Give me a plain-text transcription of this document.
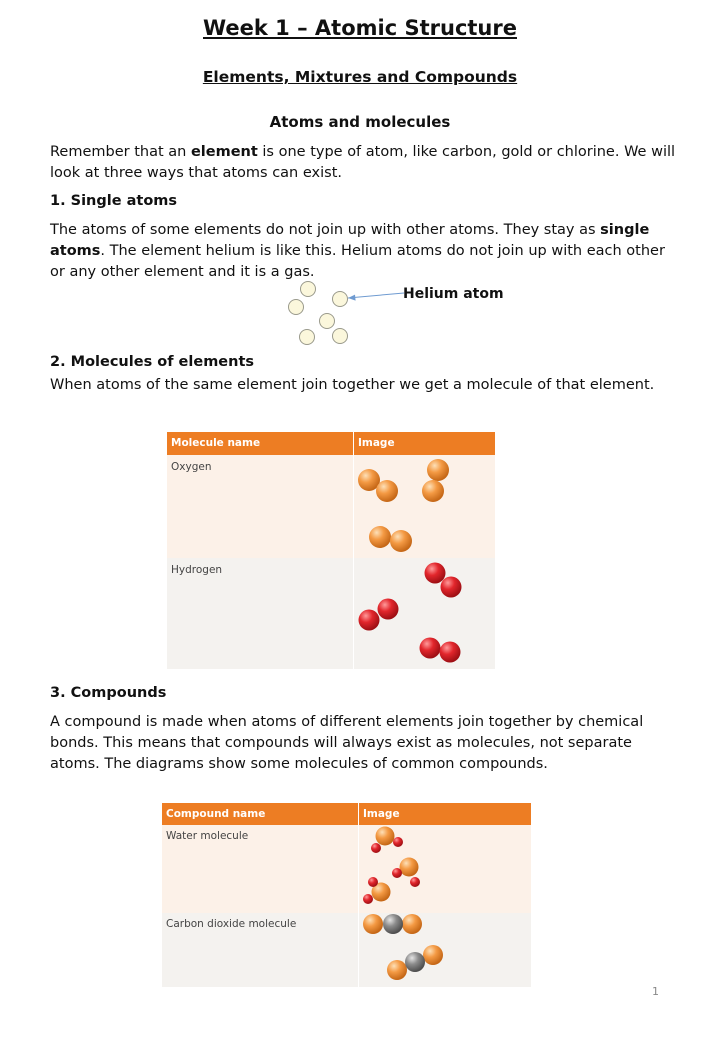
Week 1 – Atomic Structure
Elements, Mixtures and Compounds
Atoms and molecules
Remember that an element is one type of atom, like carbon, gold or chlorine. We will look at three ways that atoms can exist.
1. Single atoms
The atoms of some elements do not join up with other atoms. They stay as single atoms. The element helium is like this. Helium atoms do not join up with each other or any other element and it is a gas.
Helium atom
2. Molecules of elements
When atoms of the same element join together we get a molecule of that element.
Molecule name	Image
Oxygen
Hydrogen
3. Compounds
A compound is made when atoms of different elements join together by chemical bonds. This means that compounds will always exist as molecules, not separate atoms. The diagrams show some molecules of common compounds.
Compound name	Image
Water molecule
Carbon dioxide molecule
1
